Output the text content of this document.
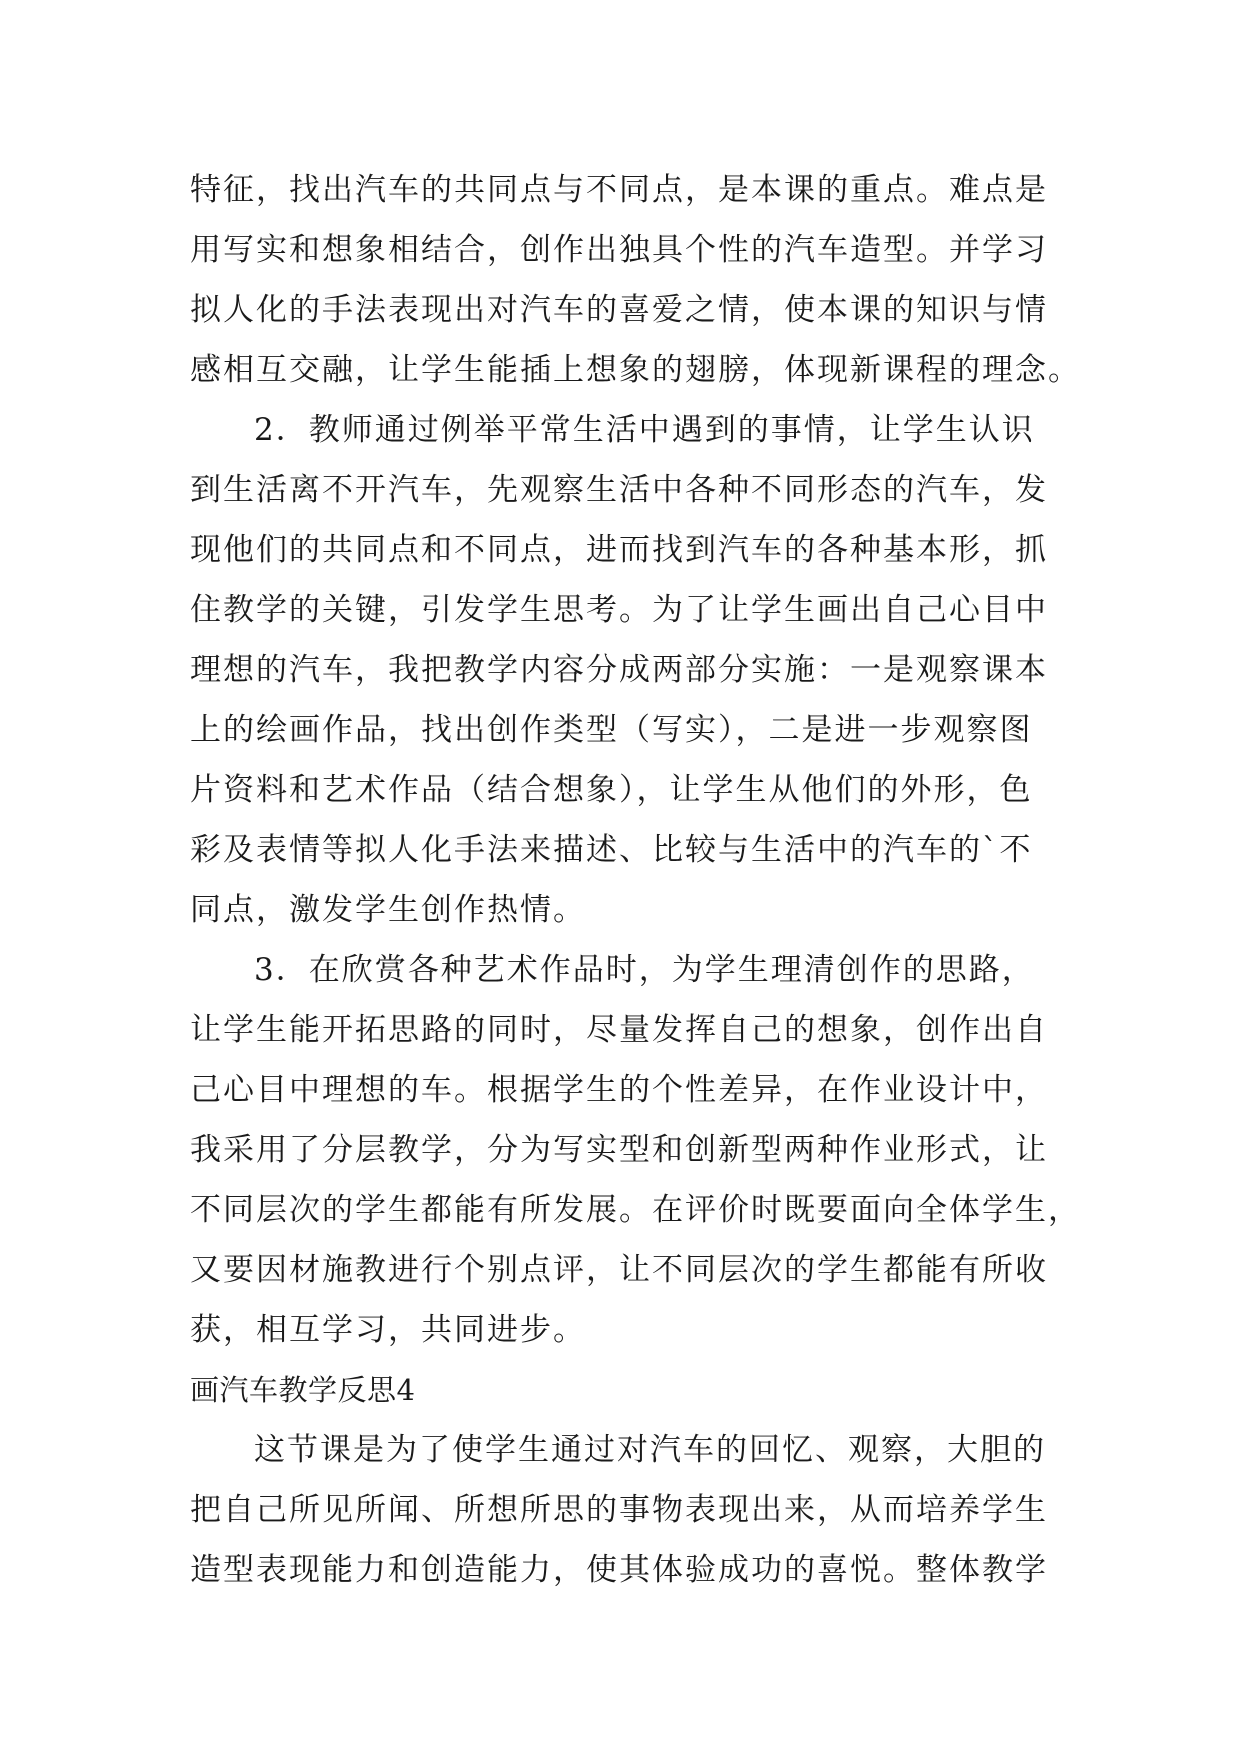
特征，找出汽车的共同点与不同点，是本课的重点。难点是
用写实和想象相结合，创作出独具个性的汽车造型。并学习
拟人化的手法表现出对汽车的喜爱之情，使本课的知识与情
感相互交融，让学生能插上想象的翅膀，体现新课程的理念。
2．教师通过例举平常生活中遇到的事情，让学生认识
到生活离不开汽车，先观察生活中各种不同形态的汽车，发
现他们的共同点和不同点，进而找到汽车的各种基本形，抓
住教学的关键，引发学生思考。为了让学生画出自己心目中
理想的汽车，我把教学内容分成两部分实施：一是观察课本
上的绘画作品，找出创作类型（写实），二是进一步观察图
片资料和艺术作品（结合想象），让学生从他们的外形，色
彩及表情等拟人化手法来描述、比较与生活中的汽车的`不
同点，激发学生创作热情。
3．在欣赏各种艺术作品时，为学生理清创作的思路，
让学生能开拓思路的同时，尽量发挥自己的想象，创作出自
己心目中理想的车。根据学生的个性差异，在作业设计中，
我采用了分层教学，分为写实型和创新型两种作业形式，让
不同层次的学生都能有所发展。在评价时既要面向全体学生，
又要因材施教进行个别点评，让不同层次的学生都能有所收
获，相互学习，共同进步。
画汽车教学反思4
这节课是为了使学生通过对汽车的回忆、观察，大胆的
把自己所见所闻、所想所思的事物表现出来，从而培养学生
造型表现能力和创造能力，使其体验成功的喜悦。整体教学
